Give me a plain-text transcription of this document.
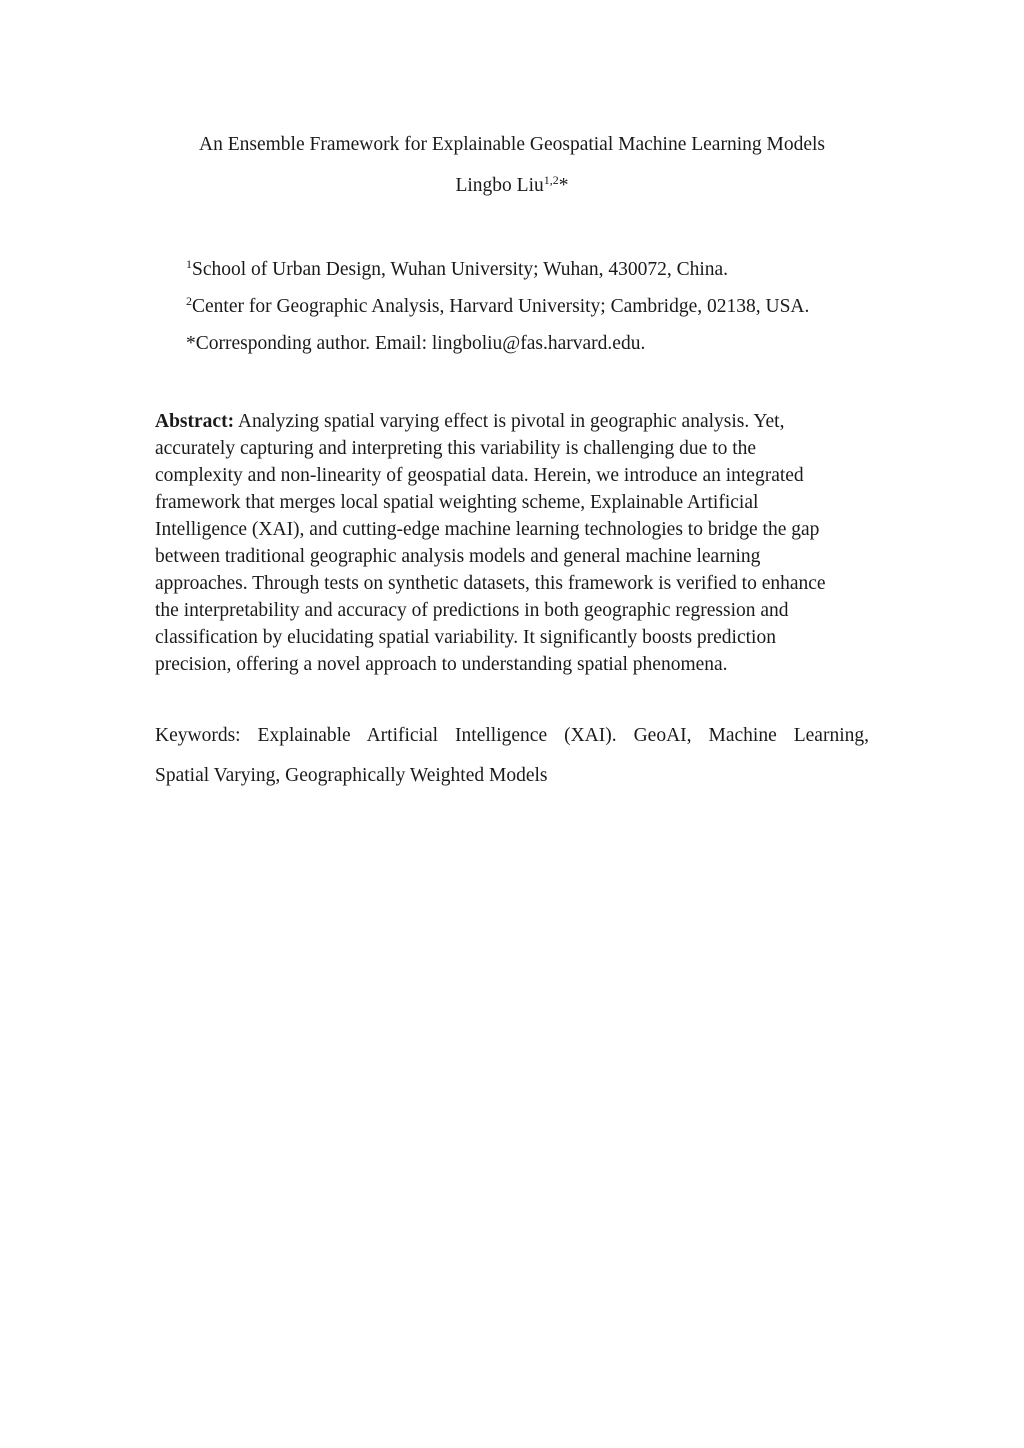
An Ensemble Framework for Explainable Geospatial Machine Learning Models
Lingbo Liu$^{1,2}$*
$^1$School of Urban Design, Wuhan University; Wuhan, 430072, China.
$^2$Center for Geographic Analysis, Harvard University; Cambridge, 02138, USA.
*Corresponding author. Email: lingboliu@fas.harvard.edu.
Abstract: Analyzing spatial varying effect is pivotal in geographic analysis. Yet,
accurately capturing and interpreting this variability is challenging due to the
complexity and non-linearity of geospatial data. Herein, we introduce an integrated
framework that merges local spatial weighting scheme, Explainable Artificial
Intelligence (XAI), and cutting-edge machine learning technologies to bridge the gap
between traditional geographic analysis models and general machine learning
approaches. Through tests on synthetic datasets, this framework is verified to enhance
the interpretability and accuracy of predictions in both geographic regression and
classification by elucidating spatial variability. It significantly boosts prediction
precision, offering a novel approach to understanding spatial phenomena.
Keywords: Explainable Artificial Intelligence (XAI). GeoAI, Machine Learning,
Spatial Varying, Geographically Weighted Models
